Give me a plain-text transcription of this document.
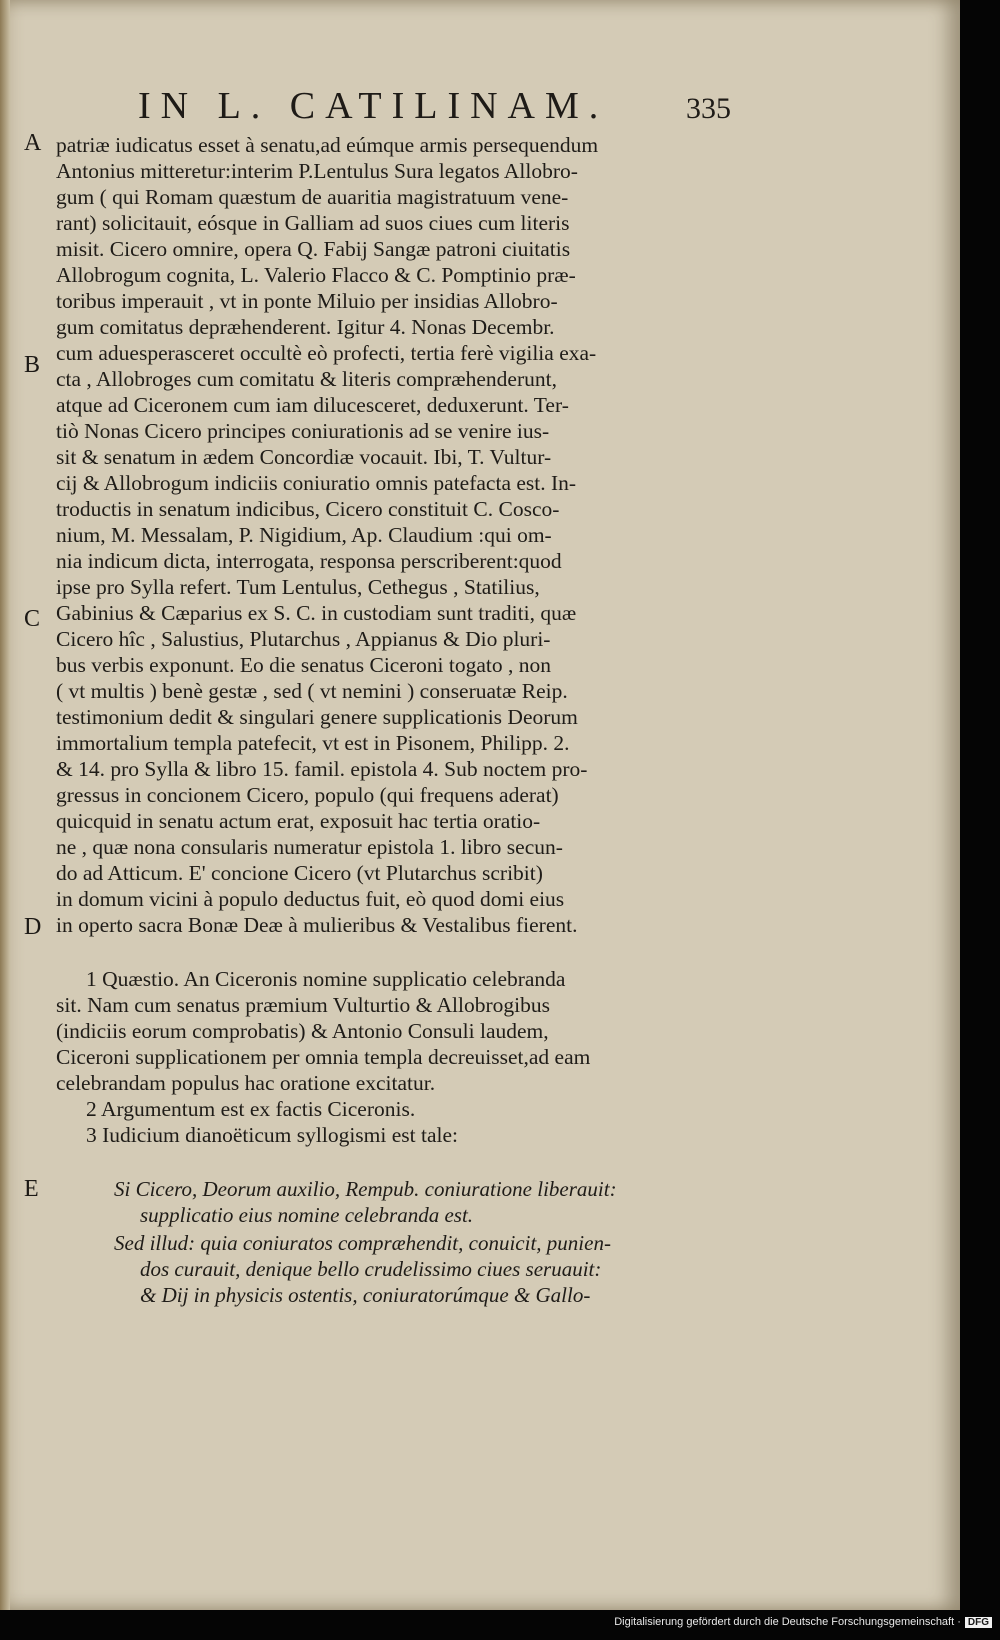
IN L. CATILINAM.	335
A
B
C
D
E
patriæ iudicatus esset à senatu,ad eúmque armis persequendum
Antonius mitteretur:interim P.Lentulus Sura legatos Allobro-
gum ( qui Romam quæstum de auaritia magistratuum vene-
rant) solicitauit, eósque in Galliam ad suos ciues cum literis
misit. Cicero omnire, opera Q. Fabij Sangæ patroni ciuitatis
Allobrogum cognita, L. Valerio Flacco & C. Pomptinio præ-
toribus imperauit , vt in ponte Miluio per insidias Allobro-
gum comitatus depræhenderent. Igitur 4. Nonas Decembr.
cum aduesperasceret occultè eò profecti, tertia ferè vigilia exa-
cta , Allobroges cum comitatu & literis compræhenderunt,
atque ad Ciceronem cum iam dilucesceret, deduxerunt. Ter-
tiò Nonas Cicero principes coniurationis ad se venire ius-
sit & senatum in ædem Concordiæ vocauit. Ibi, T. Vultur-
cij & Allobrogum indiciis coniuratio omnis patefacta est. In-
troductis in senatum indicibus, Cicero constituit C. Cosco-
nium, M. Messalam, P. Nigidium, Ap. Claudium :qui om-
nia indicum dicta, interrogata, responsa perscriberent:quod
ipse pro Sylla refert. Tum Lentulus, Cethegus , Statilius,
Gabinius & Cæparius ex S. C. in custodiam sunt traditi, quæ
Cicero hîc , Salustius, Plutarchus , Appianus & Dio pluri-
bus verbis exponunt. Eo die senatus Ciceroni togato , non
( vt multis ) benè gestæ , sed ( vt nemini ) conseruatæ Reip.
testimonium dedit & singulari genere supplicationis Deorum
immortalium templa patefecit, vt est in Pisonem, Philipp. 2.
& 14. pro Sylla & libro 15. famil. epistola 4. Sub noctem pro-
gressus in concionem Cicero, populo (qui frequens aderat)
quicquid in senatu actum erat, exposuit hac tertia oratio-
ne , quæ nona consularis numeratur epistola 1. libro secun-
do ad Atticum. E' concione Cicero (vt Plutarchus scribit)
in domum vicini à populo deductus fuit, eò quod domi eius
in operto sacra Bonæ Deæ à mulieribus & Vestalibus fierent.
1 Quæstio. An Ciceronis nomine supplicatio celebranda
sit. Nam cum senatus præmium Vulturtio & Allobrogibus
(indiciis eorum comprobatis) & Antonio Consuli laudem,
Ciceroni supplicationem per omnia templa decreuisset,ad eam
celebrandam populus hac oratione excitatur.
2 Argumentum est ex factis Ciceronis.
3 Iudicium dianoëticum syllogismi est tale:
Si Cicero, Deorum auxilio, Rempub. coniuratione liberauit:
supplicatio eius nomine celebranda est.
Sed illud: quia coniuratos compræhendit, conuicit, punien-
dos curauit, denique bello crudelissimo ciues seruauit:
& Dij in physicis ostentis, coniuratorúmque & Gallo-
Digitalisierung gefördert durch die Deutsche Forschungsgemeinschaft · DFG
